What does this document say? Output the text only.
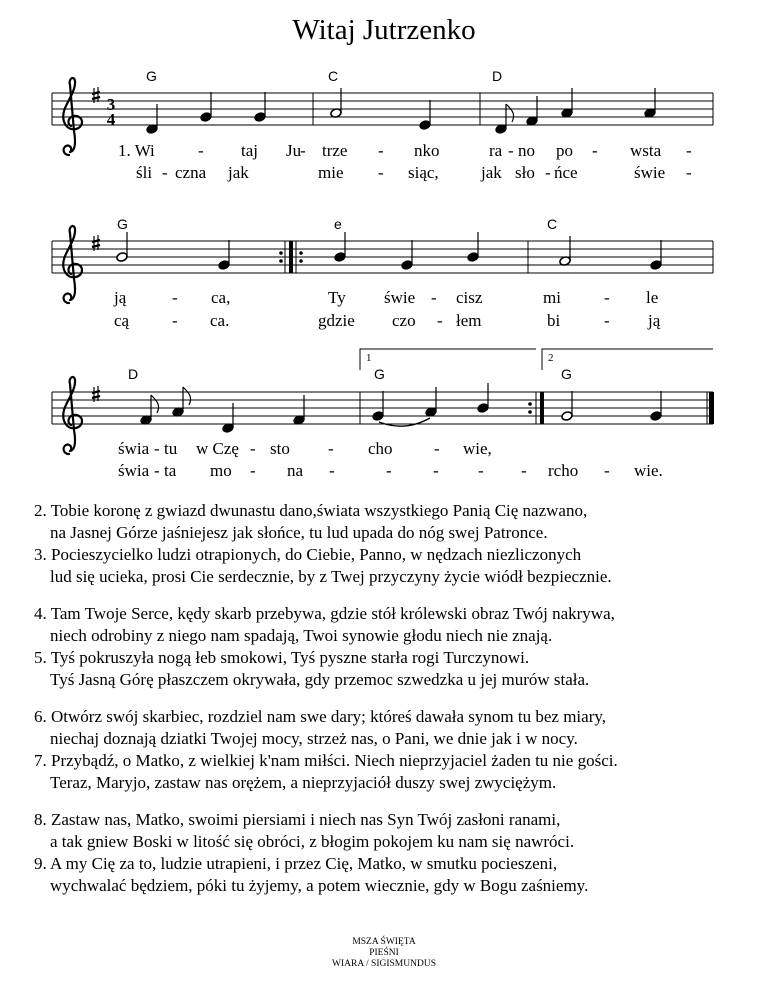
Witaj Jutrzenko
G	C	D
G	e	C
D	G	G
3
4
1	2
1. Wi	- taj Ju
- trze - nko	ra - no po - wsta -
śli - czna jak	mie - siąc, jak sło - ńce	świe -
ją	- ca,	Ty świe - cisz	mi	- le
cą	- ca.	gdzie czo - łem	bi	- ją
świa - tu w Czę - sto - cho - wie,
świa - ta mo - na -	- - - - rcho - wie.
2. Tobie koronę z gwiazd dwunastu dano,świata wszystkiego Panią Cię nazwano,
na Jasnej Górze jaśniejesz jak słońce, tu lud upada do nóg swej Patronce.
3. Pocieszycielko ludzi otrapionych, do Ciebie, Panno, w nędzach niezliczonych
lud się ucieka, prosi Cie serdecznie, by z Twej przyczyny życie wiódł bezpiecznie.
4. Tam Twoje Serce, kędy skarb przebywa, gdzie stół królewski obraz Twój nakrywa,
niech odrobiny z niego nam spadają, Twoi synowie głodu niech nie znają.
5. Tyś pokruszyła nogą łeb smokowi, Tyś pyszne starła rogi Turczynowi.
Tyś Jasną Górę płaszczem okrywała, gdy przemoc szwedzka u jej murów stała.
6. Otwórz swój skarbiec, rozdziel nam swe dary; któreś dawała synom tu bez miary,
niechaj doznają dziatki Twojej mocy, strzeż nas, o Pani, we dnie jak i w nocy.
7. Przybądź, o Matko, z wielkiej k'nam miłści. Niech nieprzyjaciel żaden tu nie gości.
Teraz, Maryjo, zastaw nas orężem, a nieprzyjaciół duszy swej zwyciężym.
8. Zastaw nas, Matko, swoimi piersiami i niech nas Syn Twój zasłoni ranami,
a tak gniew Boski w litość się obróci, z błogim pokojem ku nam się nawróci.
9. A my Cię za to, ludzie utrapieni, i przez Cię, Matko, w smutku pocieszeni,
wychwalać będziem, póki tu żyjemy, a potem wiecznie, gdy w Bogu zaśniemy.
MSZA ŚWIĘTA
PIEŚNI
WIARA / SIGISMUNDUS
